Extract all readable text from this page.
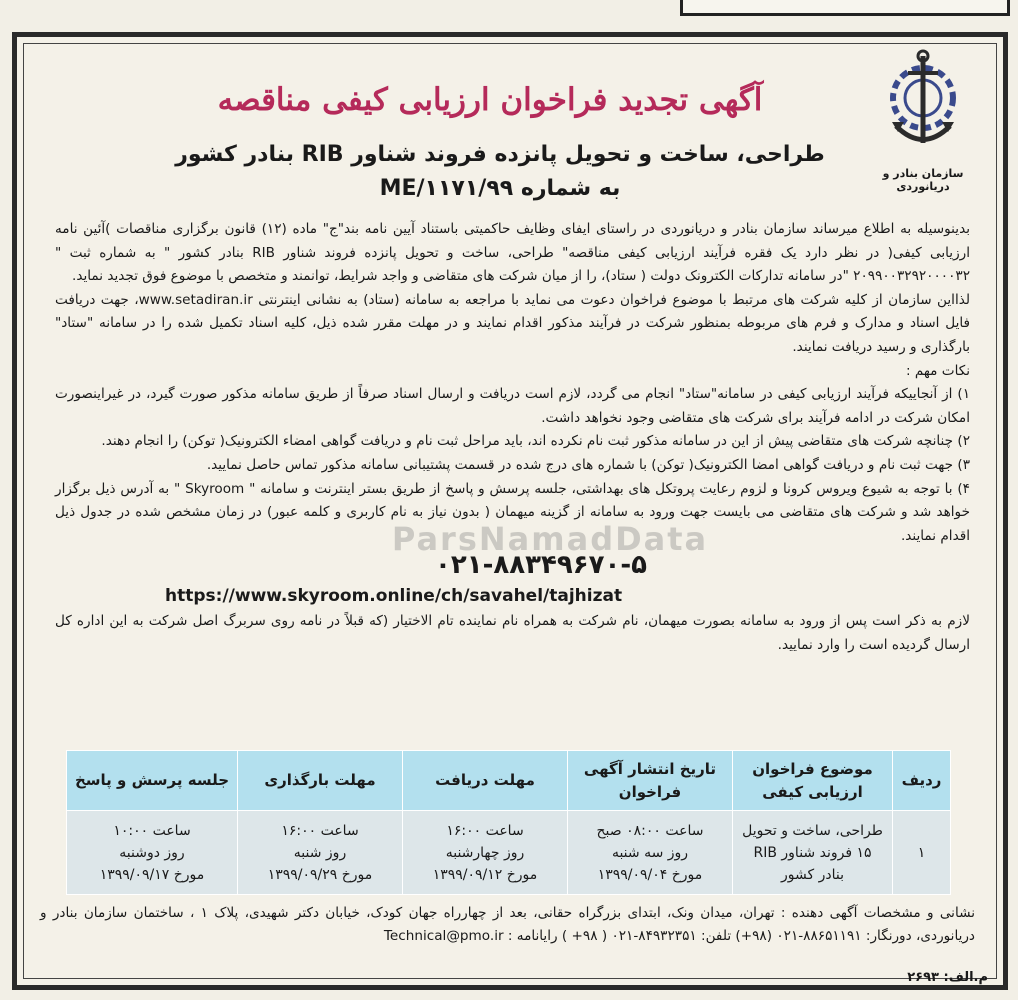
سازمان بنادر و دریانوردی
آگهی تجدید فراخوان ارزیابی کیفی مناقصه
طراحی، ساخت و تحویل پانزده فروند شناور RIB بنادر کشور
به شماره ۹۹/ME/۱۱۷۱
ParsNamadData

بدینوسیله به اطلاع میرساند سازمان بنادر و دریانوردی در راستای ایفای وظایف حاکمیتی باستناد آیین نامه بند"ج" ماده (۱۲) قانون برگزاری مناقصات )آئین نامه ارزیابی کیفی( در نظر دارد یک فقره فرآیند ارزیابی کیفی مناقصه" طراحی، ساخت و تحویل پانزده فروند شناور RIB بنادر کشور " به شماره ثبت " ۲۰۹۹۰۰۳۲۹۲۰۰۰۰۳۲ "در سامانه تدارکات الکترونک دولت ( ستاد)، را از میان شرکت های متقاضی و واجد شرایط، توانمند و متخصص با موضوع فوق تجدید نماید.

لذااین سازمان از کلیه شرکت های مرتبط با موضوع فراخوان دعوت می نماید با مراجعه به سامانه (ستاد) به نشانی اینترنتی www.setadiran.ir، جهت دریافت فایل اسناد و مدارک و فرم های مربوطه بمنظور شرکت در فرآیند مذکور اقدام نمایند و در مهلت مقرر شده ذیل، کلیه اسناد تکمیل شده را در سامانه "ستاد" بارگذاری و رسید دریافت نمایند.

نکات مهم :

۱) از آنجاییکه فرآیند ارزیابی کیفی در سامانه"ستاد" انجام می گردد، لازم است دریافت و ارسال اسناد صرفاً از طریق سامانه مذکور صورت گیرد، در غیراینصورت امکان شرکت در ادامه فرآیند برای شرکت های متقاضی وجود نخواهد داشت.

۲) چنانچه شرکت های متقاضی پیش از این در سامانه مذکور ثبت نام نکرده اند، باید مراحل ثبت نام و دریافت گواهی امضاء الکترونیک( توکن) را انجام دهند.

۳) جهت ثبت نام و دریافت گواهی امضا الکترونیک( توکن) با شماره های درج شده در قسمت پشتیبانی سامانه مذکور تماس حاصل نمایید.

۴) با توجه به شیوع ویروس کرونا و لزوم رعایت پروتکل های بهداشتی، جلسه پرسش و پاسخ از طریق بستر اینترنت و سامانه " Skyroom " به آدرس ذیل برگزار خواهد شد و شرکت های متقاضی می بایست جهت ورود به سامانه از گزینه میهمان ( بدون نیاز به نام کاربری و کلمه عبور) در زمان مشخص شده در جدول ذیل اقدام نمایند.

۰۲۱-۸۸۳۴۹۶۷۰-۵

https://www.skyroom.online/ch/savahel/tajhizat

لازم به ذکر است پس از ورود به سامانه بصورت میهمان، نام شرکت به همراه نام نماینده تام الاختیار (که قبلاً در نامه روی سربرگ اصل شرکت به این اداره کل ارسال گردیده است را وارد نمایید.

ردیف	موضوع فراخوان ارزیابی کیفی	تاریخ انتشار آگهی فراخوان	مهلت دریافت	مهلت بارگذاری	جلسه پرسش و پاسخ
۱	طراحی، ساخت و تحویل
۱۵ فروند شناور RIB
بنادر کشور	ساعت ۰۸:۰۰ صبح
روز سه شنبه
مورخ ۱۳۹۹/۰۹/۰۴	ساعت ۱۶:۰۰
روز چهارشنبه
مورخ ۱۳۹۹/۰۹/۱۲	ساعت ۱۶:۰۰
روز شنبه
مورخ ۱۳۹۹/۰۹/۲۹	ساعت ۱۰:۰۰
روز دوشنبه
مورخ ۱۳۹۹/۰۹/۱۷
نشانی و مشخصات آگهی دهنده : تهران، میدان ونک، ابتدای بزرگراه حقانی، بعد از چهارراه جهان کودک، خیابان دکتر شهیدی، پلاک ۱ ، ساختمان سازمان بنادر و دریانوردی، دورنگار: ۸۸۶۵۱۱۹۱-۰۲۱ (۹۸+) تلفن: ۸۴۹۳۲۳۵۱-۰۲۱ ( ۹۸+ ) رایانامه : Technical@pmo.ir
م.الف: ۲۶۹۳
